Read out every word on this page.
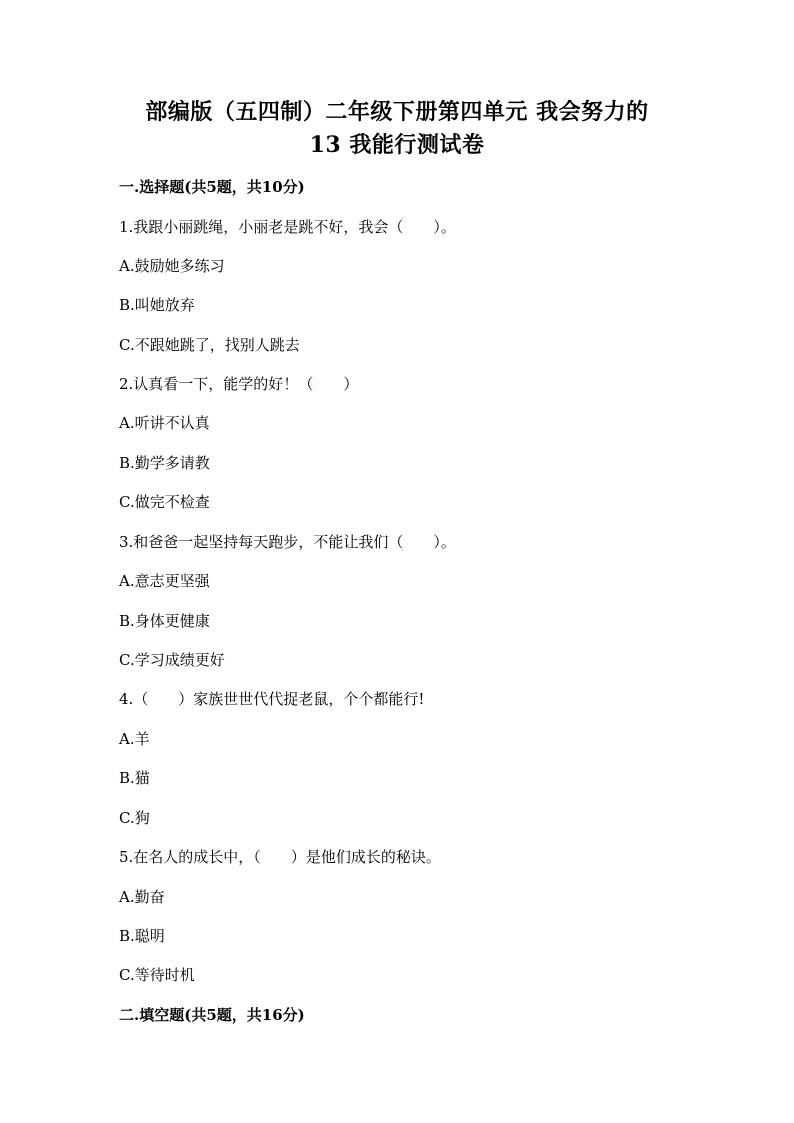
部编版（五四制）二年级下册第四单元 我会努力的
13 我能行测试卷
一.选择题(共5题，共10分)
1.我跟小丽跳绳，小丽老是跳不好，我会（　　）。
A.鼓励她多练习
B.叫她放弃
C.不跟她跳了，找别人跳去
2.认真看一下，能学的好！（　　）
A.听讲不认真
B.勤学多请教
C.做完不检查
3.和爸爸一起坚持每天跑步，不能让我们（　　）。
A.意志更坚强
B.身体更健康
C.学习成绩更好
4.（　　）家族世世代代捉老鼠，个个都能行!
A.羊
B.猫
C.狗
5.在名人的成长中，（　　）是他们成长的秘诀。
A.勤奋
B.聪明
C.等待时机
二.填空题(共5题，共16分)
